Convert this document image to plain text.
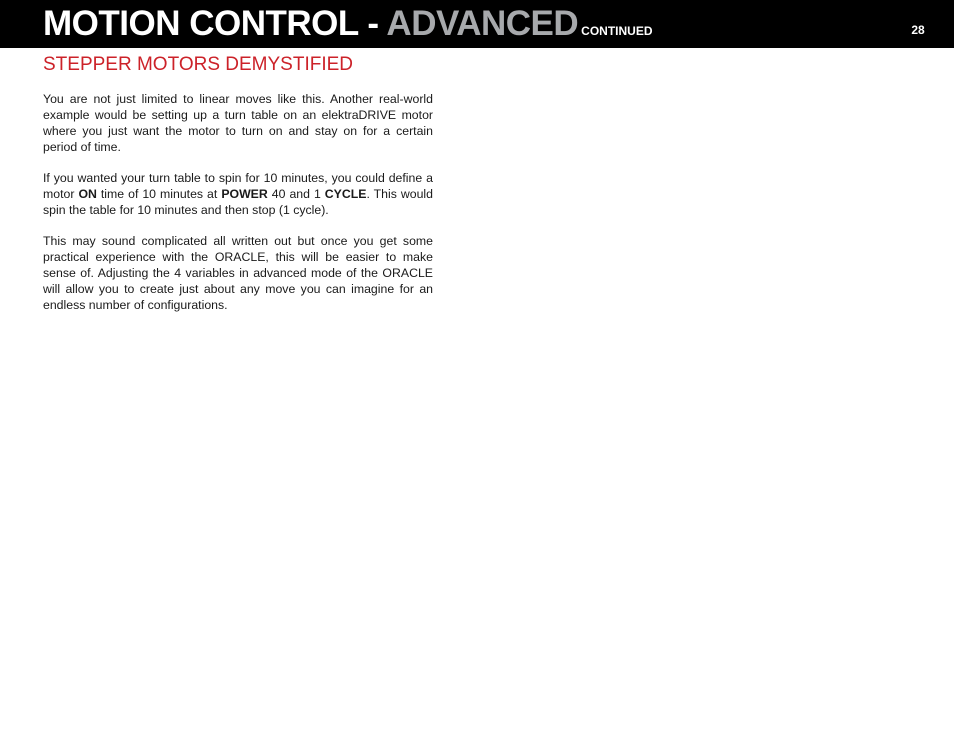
MOTION CONTROL - ADVANCED CONTINUED	28
STEPPER MOTORS DEMYSTIFIED

You are not just limited to linear moves like this. Another real-world example would be setting up a turn table on an elektraDRIVE motor where you just want the motor to turn on and stay on for a certain period of time.

If you wanted your turn table to spin for 10 minutes, you could define a motor ON time of 10 minutes at POWER 40 and 1 CYCLE. This would spin the table for 10 minutes and then stop (1 cycle).

This may sound complicated all written out but once you get some practical experience with the ORACLE, this will be easier to make sense of. Adjusting the 4 variables in advanced mode of the ORACLE will allow you to create just about any move you can imagine for an endless number of configurations.
